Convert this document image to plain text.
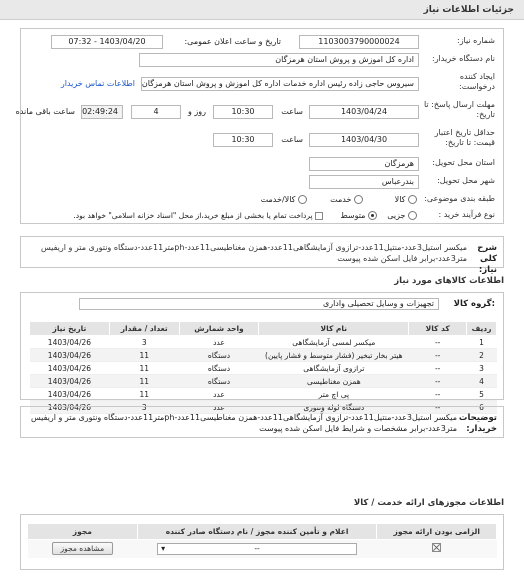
جزئیات اطلاعات نیاز
شماره نیاز:
1103003790000024
تاریخ و ساعت اعلان عمومی:
1403/04/20 - 07:32
نام دستگاه خریدار:
اداره کل اموزش و پروش استان هرمزگان
ایجاد کننده درخواست:
سیروس حاجی زاده رئیس اداره خدمات اداره کل اموزش و پروش استان هرمزگان
اطلاعات تماس خریدار
مهلت ارسال پاسخ: تا تاریخ:
1403/04/24
ساعت
10:30
4	روز و
02:49:24
ساعت باقی مانده
حداقل تاریخ اعتبار قیمت: تا تاریخ:
1403/04/30
ساعت
10:30
استان محل تحویل:
هرمزگان
شهر محل تحویل:
بندرعباس
طبقه بندی موضوعی:
کالا
خدمت
کالا/خدمت
نوع فرآیند خرید :
جزیی
متوسط
پرداخت تمام یا بخشی از مبلغ خرید،از محل "اسناد خزانه اسلامی" خواهد بود.
شرح کلی نیاز:
میکسر استیل3عدد-منتیل11عدد-ترازوی آزمایشگاهی11عدد-همزن مغناطیسی11عدد-phمتر11عدد-دستگاه ونتوری متر و اریفیس متر3عدد-برابر فایل اسکن شده پیوست
اطلاعات کالاهای مورد نیاز
گروه کالا:
تجهیزات و وسایل تحصیلی واداری
ردیف	کد کالا	نام کالا	واحد شمارش	تعداد / مقدار	تاریخ نیاز
1	--	میکسر لمسی آزمایشگاهی	عدد	3	1403/04/26
2	--	هیتر بخار تبخیر (فشار متوسط و فشار پایین)	دستگاه	11	1403/04/26
3	--	ترازوی آزمایشگاهی	دستگاه	11	1403/04/26
4	--	همزن مغناطیسی	دستگاه	11	1403/04/26
5	--	پی اچ متر	عدد	11	1403/04/26
6	--	دستگاه لوله ونتوری	عدد	3	1403/04/26
توضیحات خریدار:
میکسر استیل3عدد-منتیل11عدد-ترازوی آزمایشگاهی11عدد-همزن مغناطیسی11عدد-phمتر11عدد-دستگاه ونتوری متر و اریفیس متر3عدد-برابر مشخصات و شرایط فایل اسکن شده پیوست
اطلاعات مجوزهای ارائه خدمت / کالا
الزامی بودن ارائه مجوز	اعلام و تأمین کننده مجوز / نام دستگاه صادر کننده	مجوز
	▾ --	مشاهده مجوز
